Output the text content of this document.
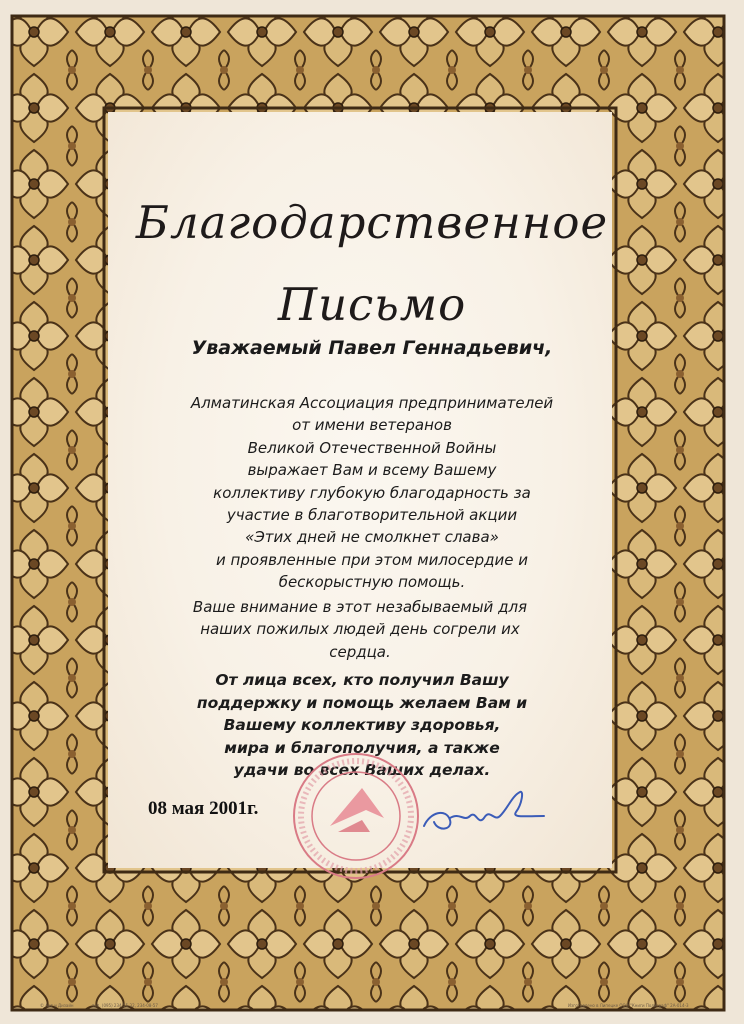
Благодарственное
Письмо
Уважаемый Павел Геннадьевич,
Алматинская Ассоциация предпринимателей
от имени ветеранов
Великой Отечественной Войны
выражает Вам и всему Вашему
коллективу глубокую благодарность за
участие в благотворительной акции
«Этих дней не смолкнет слава»
и проявленные при этом милосердие и
бескорыстную помощь.
Ваше внимание в этот незабываемый для
наших пожилых людей день согрели их
сердца.
От лица всех, кто получил Вашу
поддержку и помощь желаем Вам и
Вашему коллективу здоровья,
мира и благополучия, а также
удачи во всех Ваших делах.
08 мая 2001г.
© Арт и Дизайн	тел. (095) 234-55-32, 234-08-57	Изготовлено в Липецке ООО "Книги Полиграф" 2А-014-3
